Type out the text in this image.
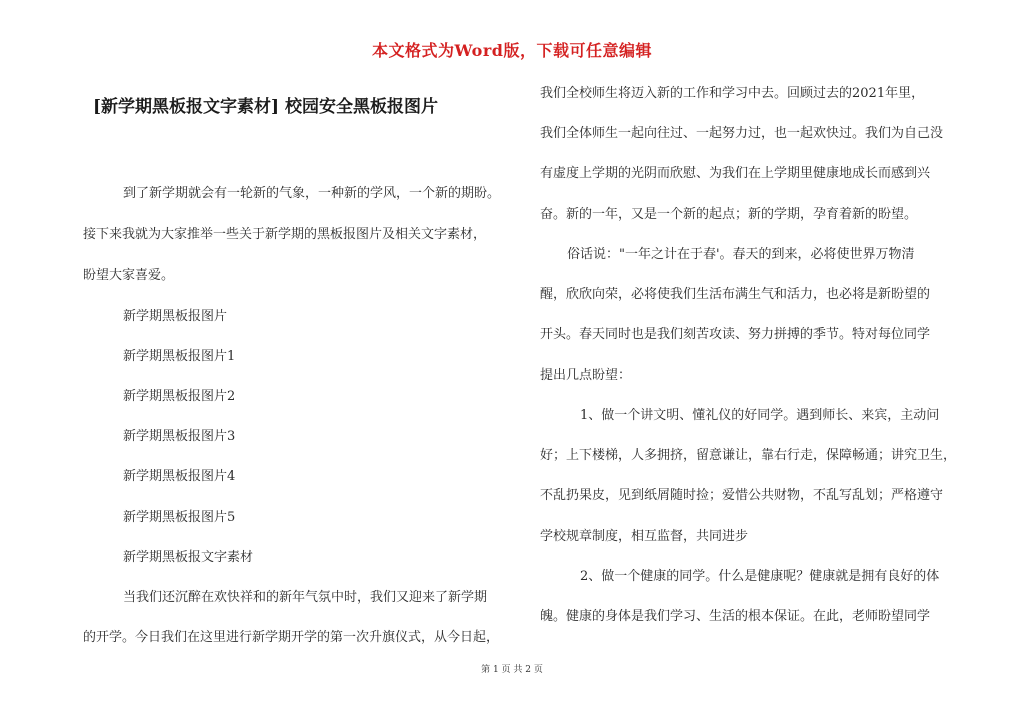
本文格式为Word版，下载可任意编辑
[新学期黑板报文字素材] 校园安全黑板报图片
到了新学期就会有一轮新的气象，一种新的学风，一个新的期盼。
接下来我就为大家推举一些关于新学期的黑板报图片及相关文字素材，
盼望大家喜爱。
新学期黑板报图片
新学期黑板报图片1
新学期黑板报图片2
新学期黑板报图片3
新学期黑板报图片4
新学期黑板报图片5
新学期黑板报文字素材
当我们还沉醉在欢快祥和的新年气氛中时，我们又迎来了新学期
的开学。今日我们在这里进行新学期开学的第一次升旗仪式，从今日起，
我们全校师生将迈入新的工作和学习中去。回顾过去的2021年里，
我们全体师生一起向往过、一起努力过，也一起欢快过。我们为自己没
有虚度上学期的光阴而欣慰、为我们在上学期里健康地成长而感到兴
奋。新的一年，又是一个新的起点；新的学期，孕育着新的盼望。
俗话说："一年之计在于春'。春天的到来，必将使世界万物清
醒，欣欣向荣，必将使我们生活布满生气和活力，也必将是新盼望的
开头。春天同时也是我们刻苦攻读、努力拼搏的季节。特对每位同学
提出几点盼望：
1、做一个讲文明、懂礼仪的好同学。遇到师长、来宾，主动问
好；上下楼梯，人多拥挤，留意谦让，靠右行走，保障畅通；讲究卫生，
不乱扔果皮，见到纸屑随时捡；爱惜公共财物，不乱写乱划；严格遵守
学校规章制度，相互监督，共同进步
2、做一个健康的同学。什么是健康呢？健康就是拥有良好的体
魄。健康的身体是我们学习、生活的根本保证。在此，老师盼望同学
第 1 页 共 2 页
